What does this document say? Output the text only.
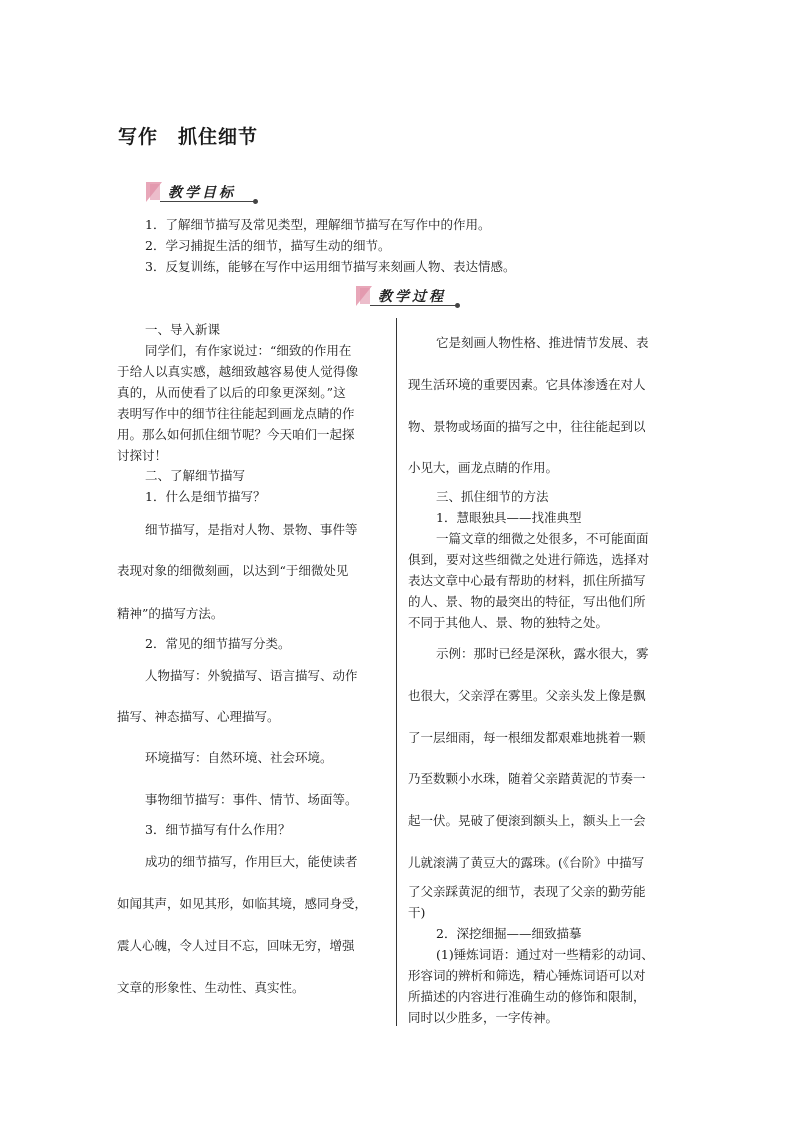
写作 抓住细节
教学目标
1．了解细节描写及常见类型，理解细节描写在写作中的作用。
2．学习捕捉生活的细节，描写生动的细节。
3．反复训练，能够在写作中运用细节描写来刻画人物、表达情感。
教学过程
一、导入新课
同学们，有作家说过：“细致的作用在
于给人以真实感，越细致越容易使人觉得像
真的，从而使看了以后的印象更深刻。”这
表明写作中的细节往往能起到画龙点睛的作
用。那么如何抓住细节呢？今天咱们一起探
讨探讨！
二、了解细节描写
1．什么是细节描写？
细节描写，是指对人物、景物、事件等
表现对象的细微刻画，以达到“于细微处见
精神”的描写方法。
2．常见的细节描写分类。
人物描写：外貌描写、语言描写、动作
描写、神态描写、心理描写。
环境描写：自然环境、社会环境。
事物细节描写：事件、情节、场面等。
3．细节描写有什么作用？
成功的细节描写，作用巨大，能使读者
如闻其声，如见其形，如临其境，感同身受，
震人心魄，令人过目不忘，回味无穷，增强
文章的形象性、生动性、真实性。
它是刻画人物性格、推进情节发展、表
现生活环境的重要因素。它具体渗透在对人
物、景物或场面的描写之中，往往能起到以
小见大，画龙点睛的作用。
三、抓住细节的方法
1．慧眼独具——找准典型
一篇文章的细微之处很多，不可能面面
俱到，要对这些细微之处进行筛选，选择对
表达文章中心最有帮助的材料，抓住所描写
的人、景、物的最突出的特征，写出他们所
不同于其他人、景、物的独特之处。
示例：那时已经是深秋，露水很大，雾
也很大，父亲浮在雾里。父亲头发上像是飘
了一层细雨，每一根细发都艰难地挑着一颗
乃至数颗小水珠，随着父亲踏黄泥的节奏一
起一伏。晃破了便滚到额头上，额头上一会
儿就滚满了黄豆大的露珠。(《台阶》中描写
了父亲踩黄泥的细节，表现了父亲的勤劳能
干)
2．深挖细掘——细致描摹
(1)锤炼词语：通过对一些精彩的动词、
形容词的辨析和筛选，精心锤炼词语可以对
所描述的内容进行准确生动的修饰和限制，
同时以少胜多，一字传神。
